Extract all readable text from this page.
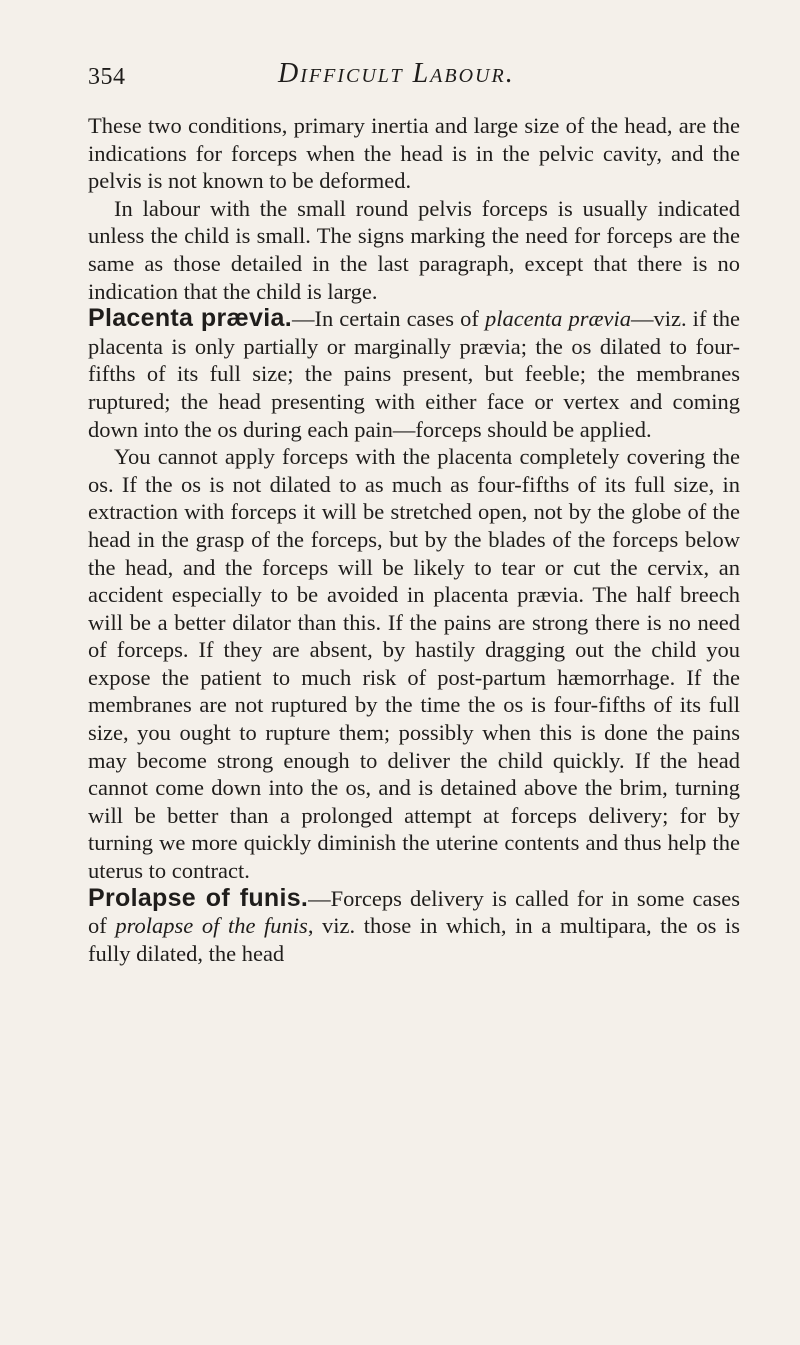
354	Difficult Labour.

These two conditions, primary inertia and large size of the head, are the indications for forceps when the head is in the pelvic cavity, and the pelvis is not known to be deformed.

In labour with the small round pelvis forceps is usually indicated unless the child is small. The signs marking the need for forceps are the same as those detailed in the last paragraph, except that there is no indication that the child is large.

Placenta prævia.—In certain cases of placenta prævia—viz. if the placenta is only partially or marginally prævia; the os dilated to four-fifths of its full size; the pains present, but feeble; the membranes ruptured; the head presenting with either face or vertex and coming down into the os during each pain—forceps should be applied.

You cannot apply forceps with the placenta completely covering the os. If the os is not dilated to as much as four-fifths of its full size, in extraction with forceps it will be stretched open, not by the globe of the head in the grasp of the forceps, but by the blades of the forceps below the head, and the forceps will be likely to tear or cut the cervix, an accident especially to be avoided in placenta prævia. The half breech will be a better dilator than this. If the pains are strong there is no need of forceps. If they are absent, by hastily dragging out the child you expose the patient to much risk of post-partum hæmorrhage. If the membranes are not ruptured by the time the os is four-fifths of its full size, you ought to rupture them; possibly when this is done the pains may become strong enough to deliver the child quickly. If the head cannot come down into the os, and is detained above the brim, turning will be better than a prolonged attempt at forceps delivery; for by turning we more quickly diminish the uterine contents and thus help the uterus to contract.

Prolapse of funis.—Forceps delivery is called for in some cases of prolapse of the funis, viz. those in which, in a multipara, the os is fully dilated, the head
